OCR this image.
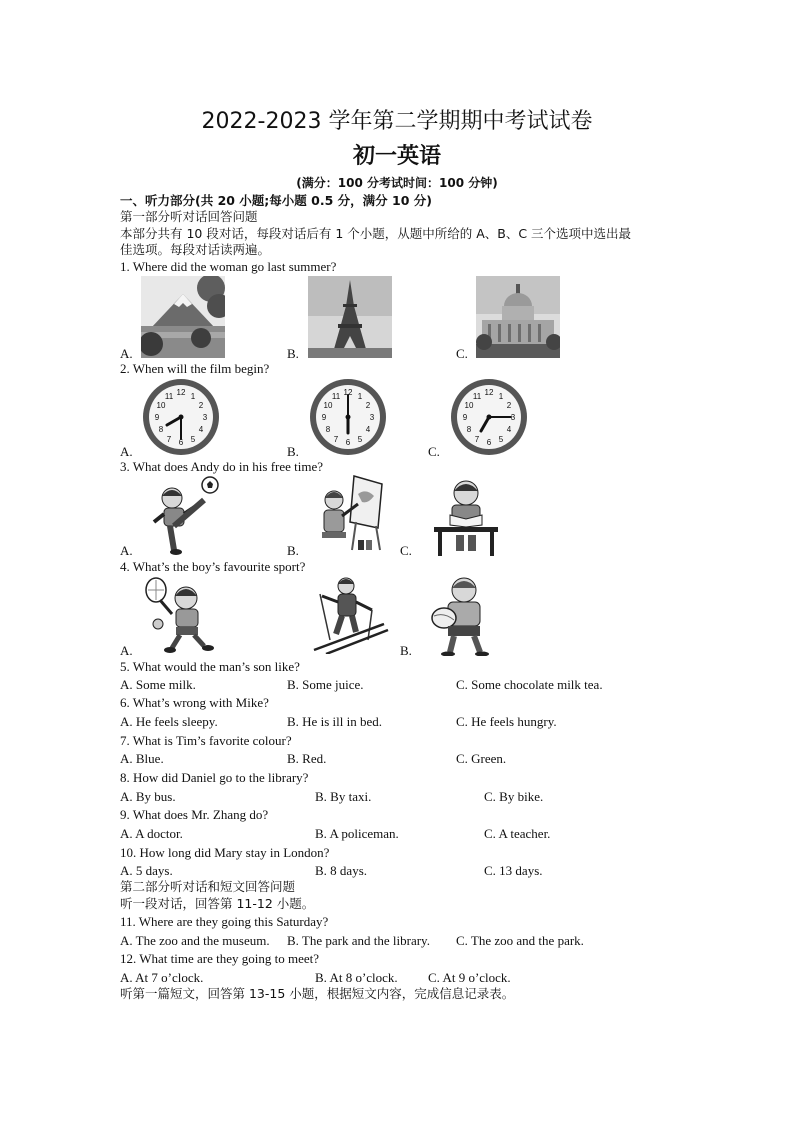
2022-2023 学年第二学期期中考试试卷
初一英语
(满分：100 分考试时间：100 分钟)
一、听力部分(共 20 小题;每小题 0.5 分，满分 10 分)
第一部分听对话回答问题
本部分共有 10 段对话，每段对话后有 1 个小题，从题中所给的 A、B、C 三个选项中选出最
佳选项。每段对话读两遍。
1. Where did the woman go last summer?
A.	B.	C.
2. When will the film begin?
12 1
2
3
4
5
6
7
8
9
10
11
A.
12 1
2
3
4
5
6
7
8
9
10
11
B.
12 1
2
3
4
5
6
7
8
9
10
11
C.
3. What does Andy do in his free time?
A.	B.	C.
4. What’s the boy’s favourite sport?
A.	B.
5. What would the man’s son like?
A. Some milk.	B. Some juice.	C. Some chocolate milk tea.
6. What’s wrong with Mike?
A. He feels sleepy.	B. He is ill in bed.	C. He feels hungry.
7. What is Tim’s favorite colour?
A. Blue.	B. Red.	C. Green.
8. How did Daniel go to the library?
A. By bus.	B. By taxi.	C. By bike.
9. What does Mr. Zhang do?
A. A doctor.	B. A policeman.	C. A teacher.
10. How long did Mary stay in London?
A. 5 days.	B. 8 days.	C. 13 days.
第二部分听对话和短文回答问题
听一段对话，回答第 11-12 小题。
11. Where are they going this Saturday?
A. The zoo and the museum. B. The park and the library. C. The zoo and the park.
12. What time are they going to meet?
A. At 7 o’clock.	B. At 8 o’clock. C. At 9 o’clock.
听第一篇短文，回答第 13-15 小题，根据短文内容，完成信息记录表。
